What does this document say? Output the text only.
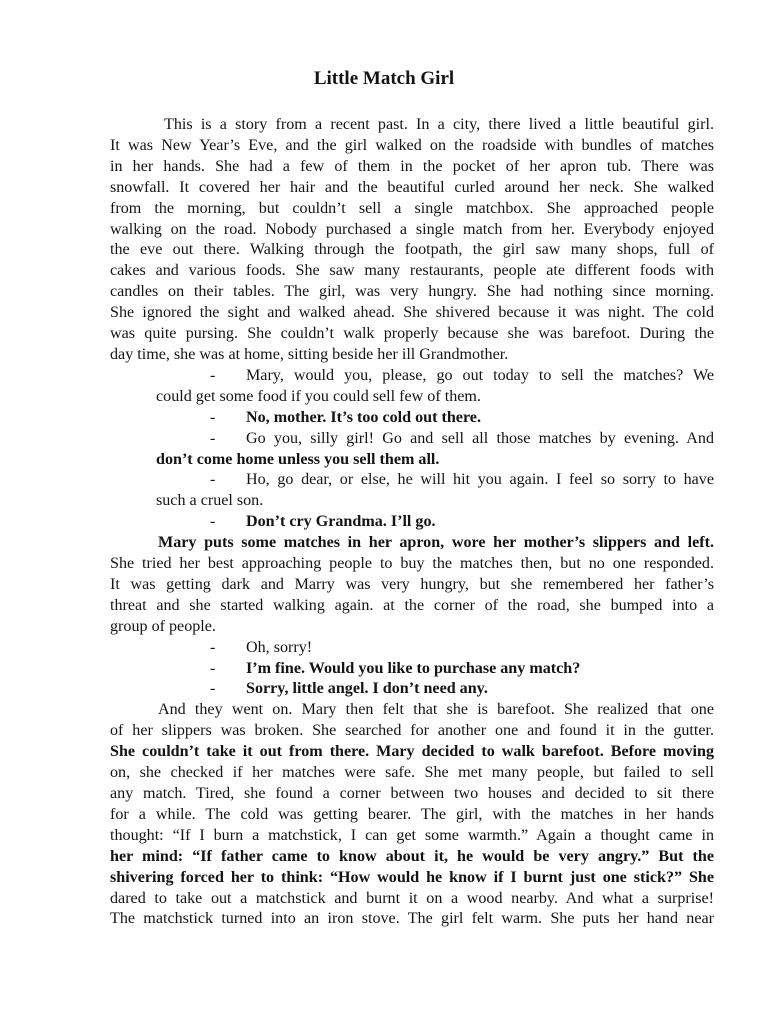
Little Match Girl

This is a story from a recent past. In a city, there lived a little beautiful girl.
It was New Year’s Eve, and the girl walked on the roadside with bundles of matches
in her hands. She had a few of them in the pocket of her apron tub. There was
snowfall. It covered her hair and the beautiful curled around her neck. She walked
from the morning, but couldn’t sell a single matchbox. She approached people
walking on the road. Nobody purchased a single match from her. Everybody enjoyed
the eve out there. Walking through the footpath, the girl saw many shops, full of
cakes and various foods. She saw many restaurants, people ate different foods with
candles on their tables. The girl, was very hungry. She had nothing since morning.
She ignored the sight and walked ahead. She shivered because it was night. The cold
was quite pursing. She couldn’t walk properly because she was barefoot. During the
day time, she was at home, sitting beside her ill Grandmother.

- Mary, would you, please, go out today to sell the matches? We
could get some food if you could sell few of them.
- No, mother. It’s too cold out there.
- Go you, silly girl! Go and sell all those matches by evening. And
don’t come home unless you sell them all.
- Ho, go dear, or else, he will hit you again. I feel so sorry to have
such a cruel son.
- Don’t cry Grandma. I’ll go.

Mary puts some matches in her apron, wore her mother’s slippers and left.
She tried her best approaching people to buy the matches then, but no one responded.
It was getting dark and Marry was very hungry, but she remembered her father’s
threat and she started walking again. at the corner of the road, she bumped into a
group of people.

- Oh, sorry!
- I’m fine. Would you like to purchase any match?
- Sorry, little angel. I don’t need any.

And they went on. Mary then felt that she is barefoot. She realized that one
of her slippers was broken. She searched for another one and found it in the gutter.
She couldn’t take it out from there. Mary decided to walk barefoot. Before moving
on, she checked if her matches were safe. She met many people, but failed to sell
any match. Tired, she found a corner between two houses and decided to sit there
for a while. The cold was getting bearer. The girl, with the matches in her hands
thought: “If I burn a matchstick, I can get some warmth.” Again a thought came in
her mind: “If father came to know about it, he would be very angry.” But the
shivering forced her to think: “How would he know if I burnt just one stick?” She
dared to take out a matchstick and burnt it on a wood nearby. And what a surprise!
The matchstick turned into an iron stove. The girl felt warm. She puts her hand near
